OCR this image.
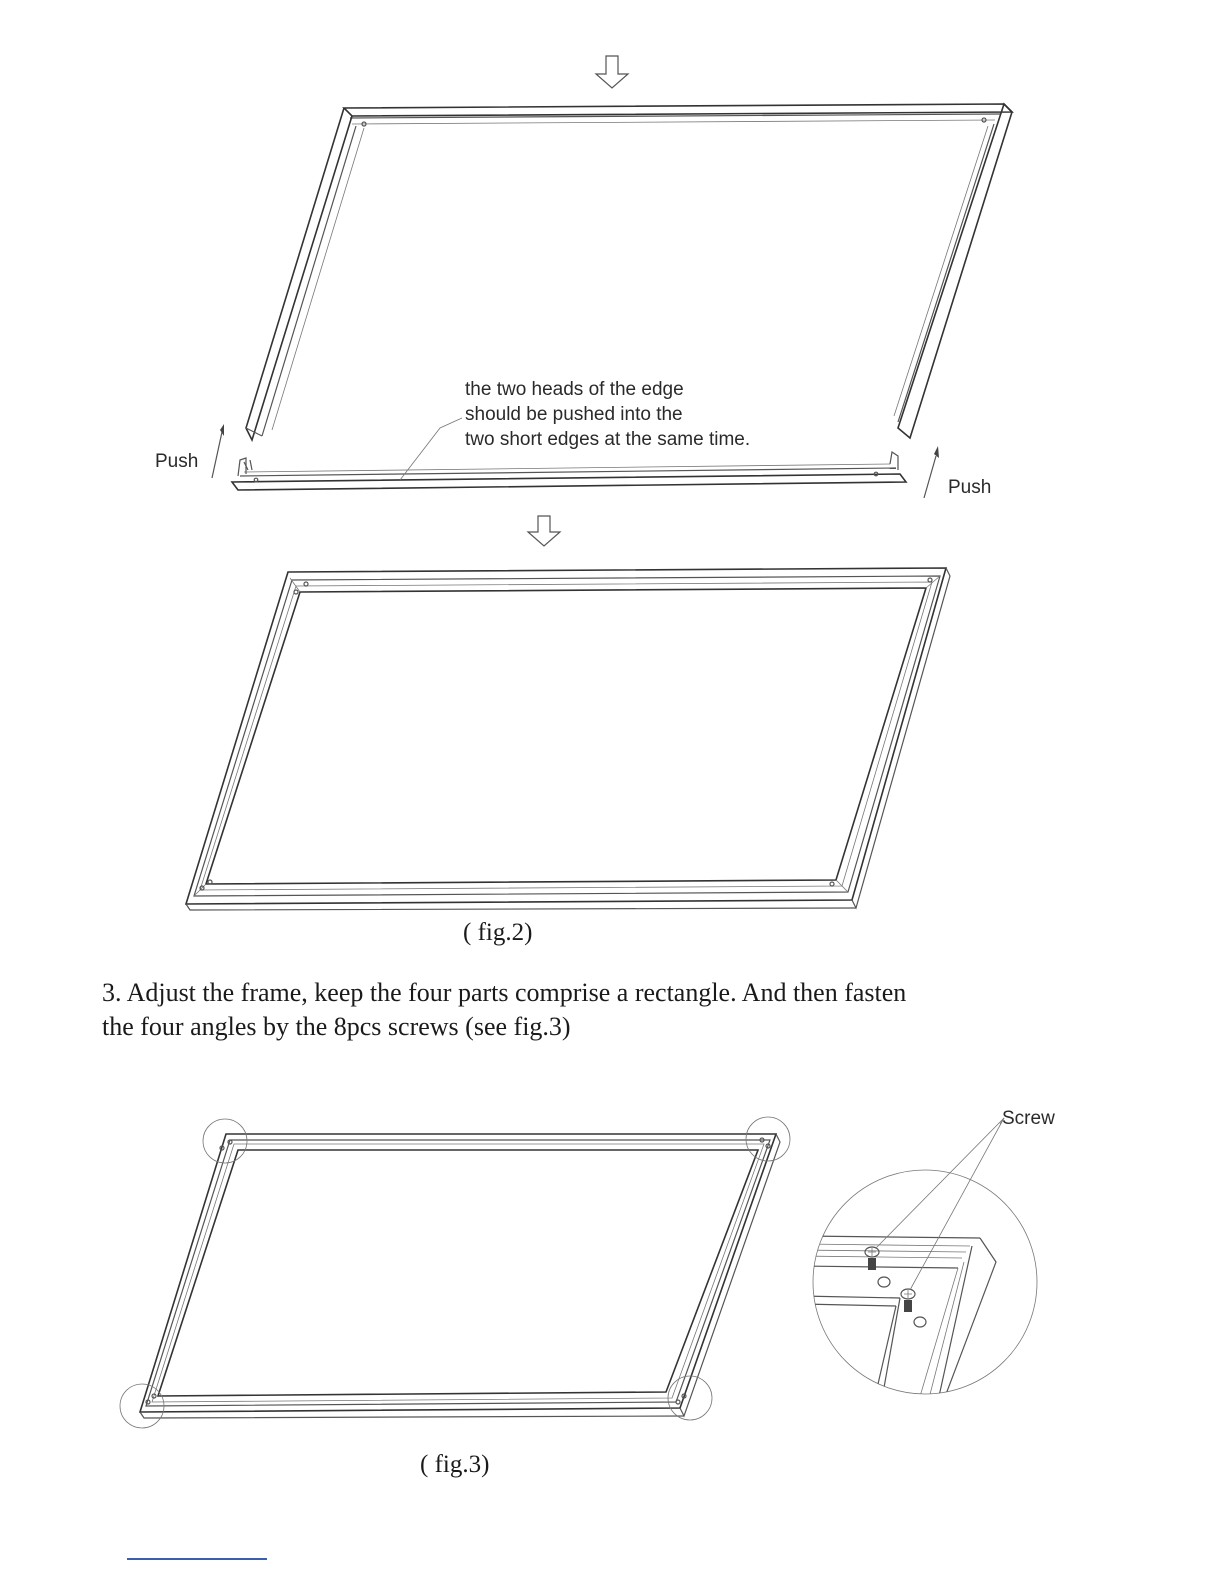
the two heads of the edge
should be pushed into the
two short edges at the same time.
Push
Push
( fig.2)
Screw
( fig.3)

3. Adjust the frame, keep the four parts comprise a rectangle. And then fasten

the four angles by the 8pcs screws (see fig.3)
